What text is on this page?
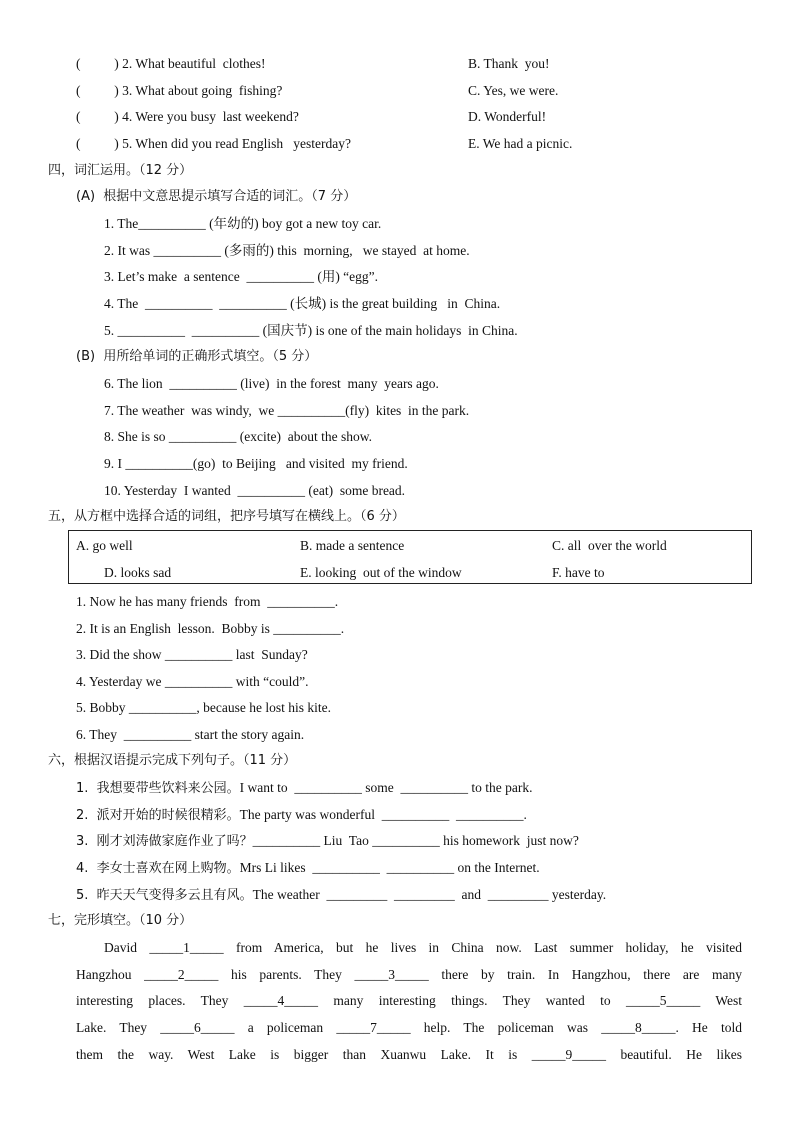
(          ) 2. What beautiful  clothes!	B. Thank  you!
(          ) 3. What about going  fishing?	C. Yes, we were.
(          ) 4. Were you busy  last weekend?	D. Wonderful!
(          ) 5. When did you read English   yesterday?	E. We had a picnic.
四，词汇运用。（12 分）
(A)  根据中文意思提示填写合适的词汇。（7 分）
1. The__________ (年幼的) boy got a new toy car.
2. It was __________ (多雨的) this  morning,   we stayed  at home.
3. Let’s make  a sentence  __________ (用) “egg”.
4. The  __________  __________ (长城) is the great building   in  China.
5. __________  __________ (国庆节) is one of the main holidays  in China.
(B)  用所给单词的正确形式填空。（5 分）
6. The lion  __________ (live)  in the forest  many  years ago.
7. The weather  was windy,  we __________(fly)  kites  in the park.
8. She is so __________ (excite)  about the show.
9. I __________(go)  to Beijing   and visited  my friend.
10. Yesterday  I wanted  __________ (eat)  some bread.
五，从方框中选择合适的词组，把序号填写在横线上。（6 分）
A. go well	B. made a sentence	C. all  over the world
D. looks sad	E. looking  out of the window	F. have to
1. Now he has many friends  from  __________.
2. It is an English  lesson.  Bobby is __________.
3. Did the show __________ last  Sunday?
4. Yesterday we __________ with “could”.
5. Bobby __________, because he lost his kite.
6. They  __________ start the story again.
六，根据汉语提示完成下列句子。（11 分）
1.  我想要带些饮料来公园。I want to  __________ some  __________ to the park.
2.  派对开始的时候很精彩。The party was wonderful  __________  __________.
3.  刚才刘涛做家庭作业了吗？__________ Liu  Tao __________ his homework  just now?
4.  李女士喜欢在网上购物。Mrs Li likes  __________  __________ on the Internet.
5.  昨天天气变得多云且有风。The weather  _________  _________  and  _________ yesterday.
七，完形填空。（10 分）
David _____1_____ from America, but he lives in China now. Last summer holiday, he visited
Hangzhou _____2_____ his parents. They _____3_____ there by train. In Hangzhou, there are many
interesting places. They _____4_____ many interesting things. They wanted to _____5_____ West
Lake. They _____6_____ a policeman _____7_____ help. The policeman was _____8_____. He told
them the way. West Lake is bigger than Xuanwu Lake. It is _____9_____ beautiful. He likes
